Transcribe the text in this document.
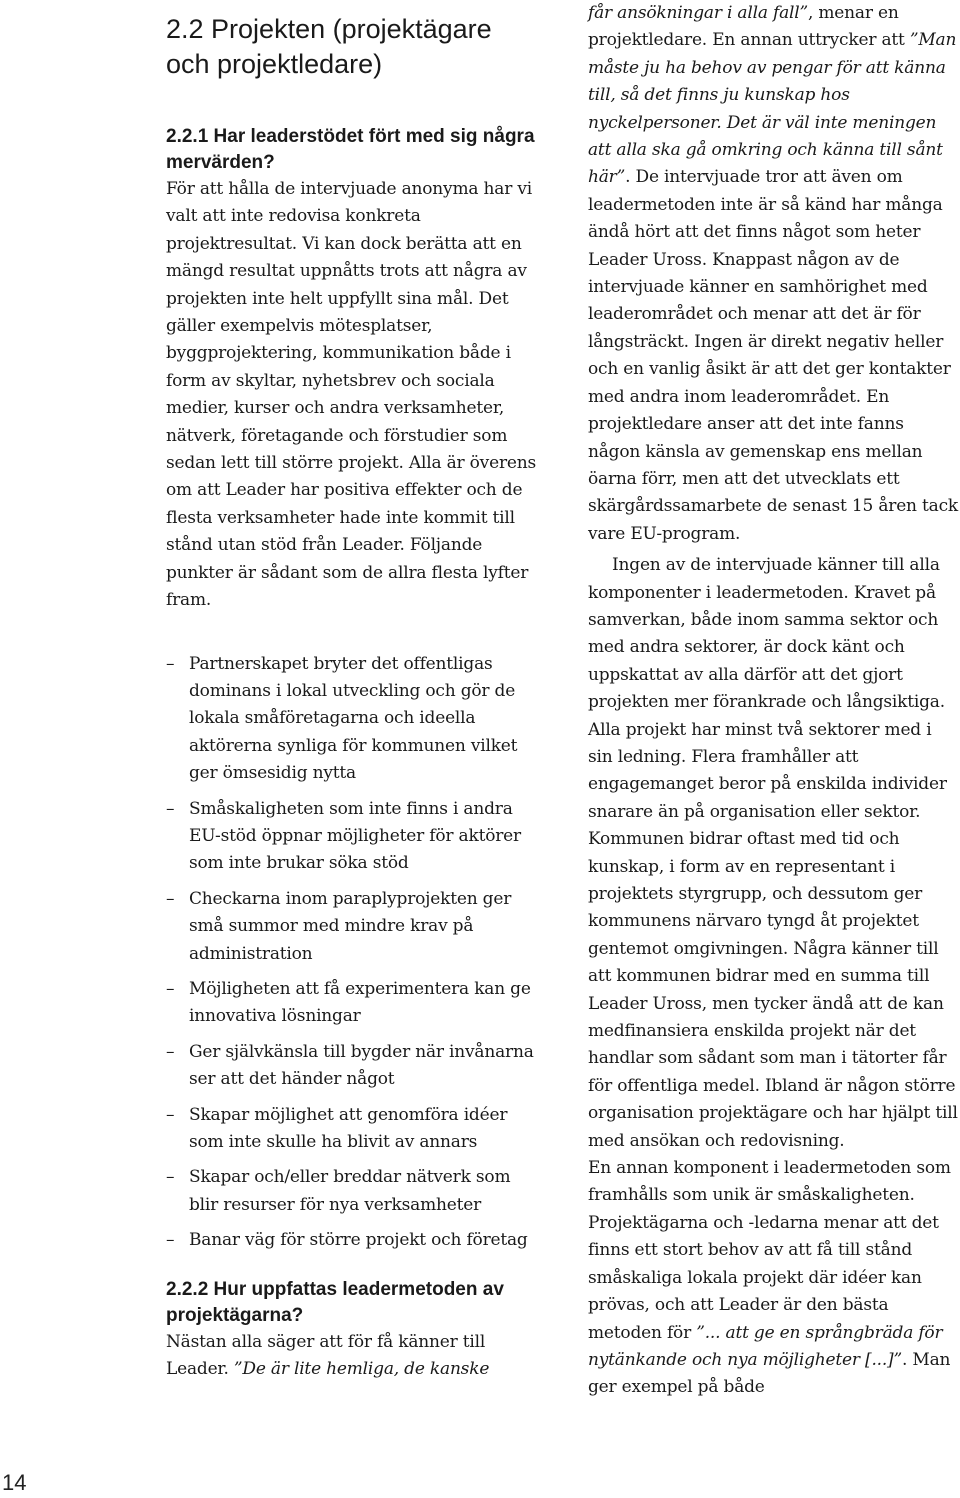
2.2 Projekten (projektägare och projektledare)
2.2.1 Har leaderstödet fört med sig några mervärden?

För att hålla de intervjuade anonyma har vi valt att inte redovisa konkreta projektresultat. Vi kan dock berätta att en mängd resultat uppnåtts trots att några av projekten inte helt uppfyllt sina mål. Det gäller exempelvis mötesplatser, byggprojektering, kommunikation både i form av skyltar, nyhetsbrev och sociala medier, kurser och andra verksamheter, nätverk, företagande och förstudier som sedan lett till större projekt. Alla är överens om att Leader har positiva effekter och de flesta verksamheter hade inte kommit till stånd utan stöd från Leader. Följande punkter är sådant som de allra flesta lyfter fram.

– Partnerskapet bryter det offentligas dominans i lokal utveckling och gör de lokala småföretagarna och ideella aktörerna synliga för kommunen vilket ger ömsesidig nytta
– Småskaligheten som inte finns i andra EU-stöd öppnar möjligheter för aktörer som inte brukar söka stöd
– Checkarna inom paraplyprojekten ger små summor med mindre krav på administration
– Möjligheten att få experimentera kan ge innovativa lösningar
– Ger självkänsla till bygder när invånarna ser att det händer något
– Skapar möjlighet att genomföra idéer som inte skulle ha blivit av annars
– Skapar och/eller breddar nätverk som blir resurser för nya verksamheter
– Banar väg för större projekt och företag
2.2.2 Hur uppfattas leadermetoden av projektägarna?

Nästan alla säger att för få känner till Leader. ”De är lite hemliga, de kanske

får ansökningar i alla fall”, menar en projektledare. En annan uttrycker att ”Man måste ju ha behov av pengar för att känna till, så det finns ju kunskap hos nyckelpersoner. Det är väl inte meningen att alla ska gå omkring och känna till sånt här”. De intervjuade tror att även om leadermetoden inte är så känd har många ändå hört att det finns något som heter Leader Uross. Knappast någon av de intervjuade känner en samhörighet med leaderområdet och menar att det är för långsträckt. Ingen är direkt negativ heller och en vanlig åsikt är att det ger kontakter med andra inom leaderområdet. En projektledare anser att det inte fanns någon känsla av gemenskap ens mellan öarna förr, men att det utvecklats ett skärgårdssamarbete de senast 15 åren tack vare EU-program.

Ingen av de intervjuade känner till alla komponenter i leadermetoden. Kravet på samverkan, både inom samma sektor och med andra sektorer, är dock känt och uppskattat av alla därför att det gjort projekten mer förankrade och långsiktiga. Alla projekt har minst två sektorer med i sin ledning. Flera framhåller att engagemanget beror på enskilda individer snarare än på organisation eller sektor. Kommunen bidrar oftast med tid och kunskap, i form av en representant i projektets styrgrupp, och dessutom ger kommunens närvaro tyngd åt projektet gentemot omgivningen. Några känner till att kommunen bidrar med en summa till Leader Uross, men tycker ändå att de kan medfinansiera enskilda projekt när det handlar som sådant som man i tätorter får för offentliga medel. Ibland är någon större organisation projektägare och har hjälpt till med ansökan och redovisning.

En annan komponent i leadermetoden som framhålls som unik är småskaligheten. Projektägarna och -ledarna menar att det finns ett stort behov av att få till stånd småskaliga lokala projekt där idéer kan prövas, och att Leader är den bästa metoden för ”... att ge en språngbräda för nytänkande och nya möjligheter [...]”. Man ger exempel på både

14
